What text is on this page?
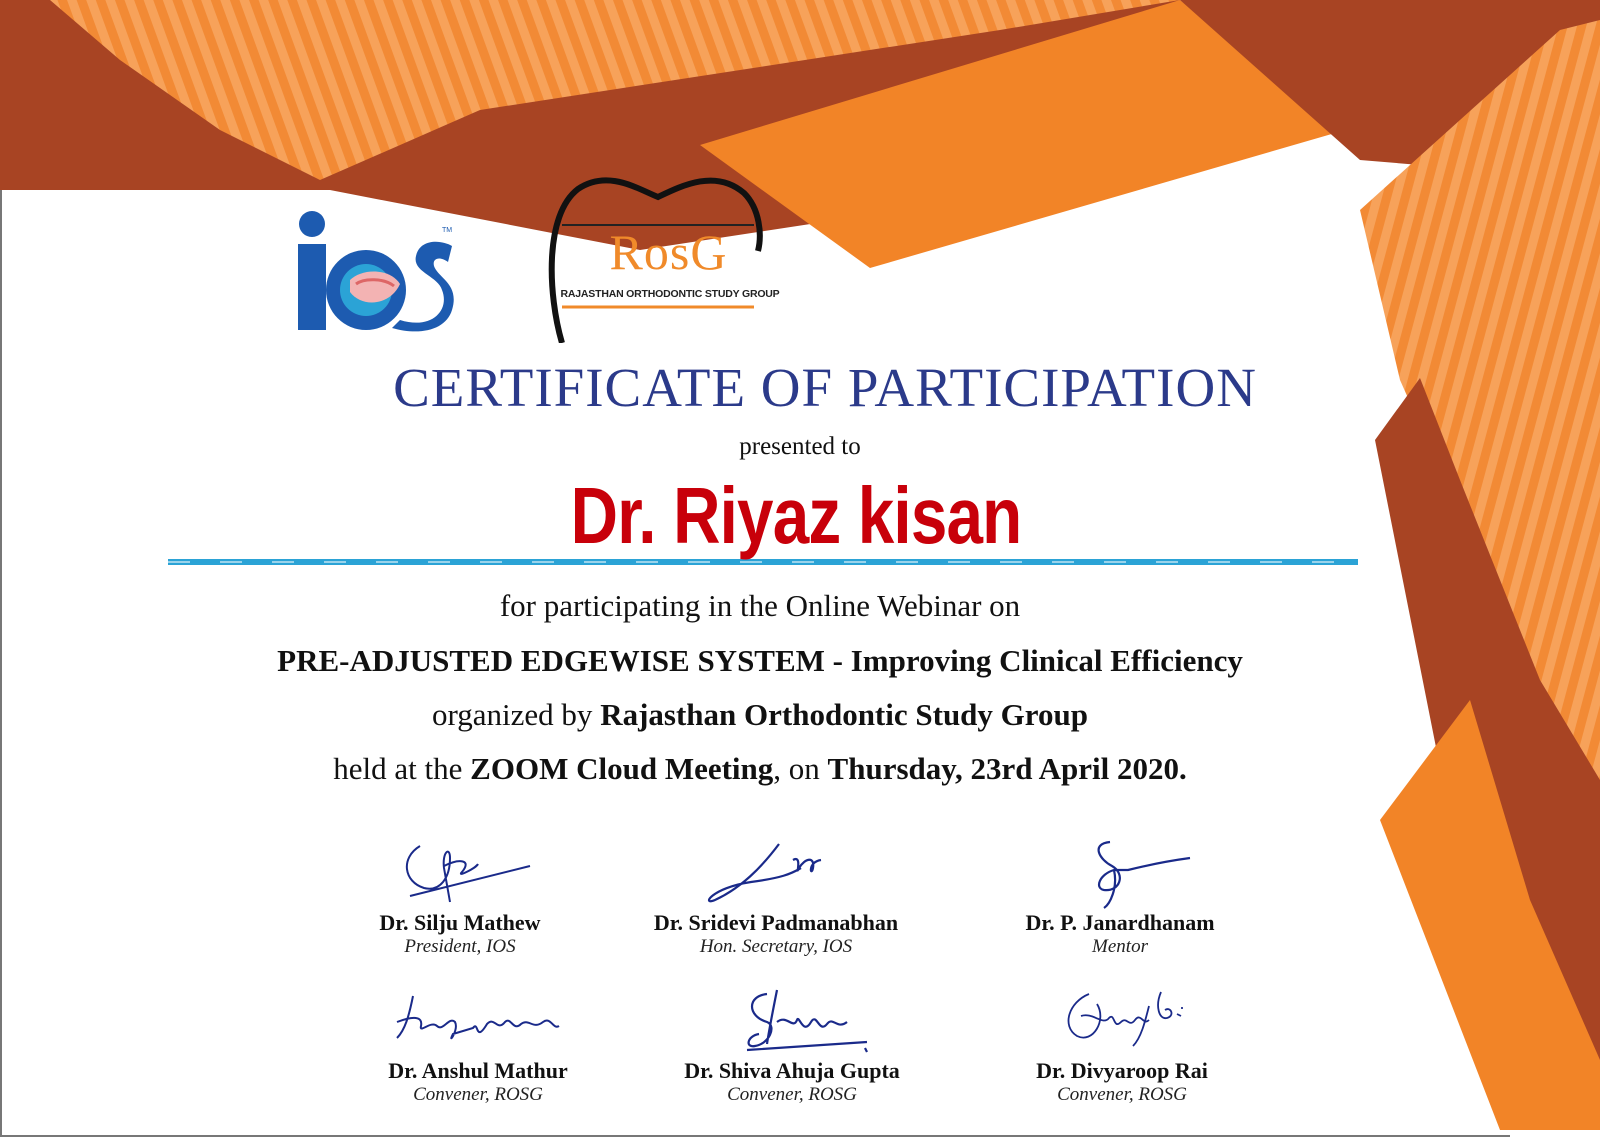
TM	RosG
RAJASTHAN ORTHODONTIC STUDY GROUP
CERTIFICATE OF PARTICIPATION
presented to
Dr. Riyaz kisan
for participating in the Online Webinar on
PRE-ADJUSTED EDGEWISE SYSTEM - Improving Clinical Efficiency
organized by Rajasthan Orthodontic Study Group
held at the ZOOM Cloud Meeting, on Thursday, 23rd April 2020.
Dr. Silju Mathew
President, IOS
Dr. Sridevi Padmanabhan
Hon. Secretary, IOS
Dr. P. Janardhanam
Mentor
Dr. Anshul Mathur
Convener, ROSG
Dr. Shiva Ahuja Gupta
Convener, ROSG
Dr. Divyaroop Rai
Convener, ROSG
